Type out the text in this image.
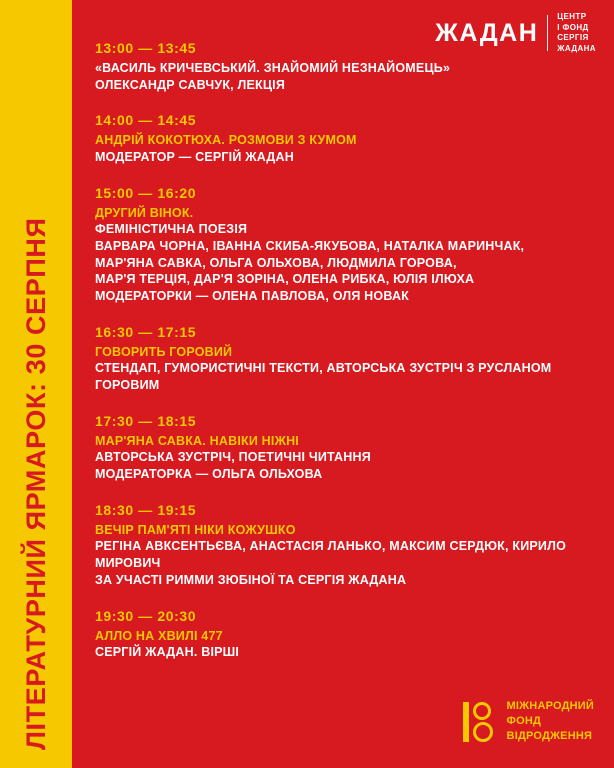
ЛІТЕРАТУРНИЙ ЯРМАРОК: 30 СЕРПНЯ
ЖАДАН
ЦЕНТР
І ФОНД
СЕРГІЯ
ЖАДАНА
13:00 — 13:45
«ВАСИЛЬ КРИЧЕВСЬКИЙ. ЗНАЙОМИЙ НЕЗНАЙОМЕЦЬ»
ОЛЕКСАНДР САВЧУК, ЛЕКЦІЯ
14:00 — 14:45
АНДРІЙ КОКОТЮХА. РОЗМОВИ З КУМОМ
МОДЕРАТОР — СЕРГІЙ ЖАДАН
15:00 — 16:20
ДРУГИЙ ВІНОК.
ФЕМІНІСТИЧНА ПОЕЗІЯ
ВАРВАРА ЧОРНА, ІВАННА СКИБА-ЯКУБОВА, НАТАЛКА МАРИНЧАК,
МАР'ЯНА САВКА, ОЛЬГА ОЛЬХОВА, ЛЮДМИЛА ГОРОВА,
МАР'Я ТЕРЦІЯ, ДАР'Я ЗОРІНА, ОЛЕНА РИБКА, ЮЛІЯ ІЛЮХА
МОДЕРАТОРКИ — ОЛЕНА ПАВЛОВА, ОЛЯ НОВАК
16:30 — 17:15
ГОВОРИТЬ ГОРОВИЙ
СТЕНДАП, ГУМОРИСТИЧНІ ТЕКСТИ, АВТОРСЬКА ЗУСТРІЧ З РУСЛАНОМ ГОРОВИМ
17:30 — 18:15
МАР'ЯНА САВКА. НАВІКИ НІЖНІ
АВТОРСЬКА ЗУСТРІЧ, ПОЕТИЧНІ ЧИТАННЯ
МОДЕРАТОРКА — ОЛЬГА ОЛЬХОВА
18:30 — 19:15
ВЕЧІР ПАМ'ЯТІ НІКИ КОЖУШКО
РЕГІНА АВКСЕНТЬЄВА, АНАСТАСІЯ ЛАНЬКО, МАКСИМ СЕРДЮК, КИРИЛО МИРОВИЧ
ЗА УЧАСТІ РИММИ ЗЮБІНОЇ ТА СЕРГІЯ ЖАДАНА
19:30 — 20:30
АЛЛО НА ХВИЛІ 477
СЕРГІЙ ЖАДАН. ВІРШІ
МІЖНАРОДНИЙ
ФОНД
ВІДРОДЖЕННЯ
